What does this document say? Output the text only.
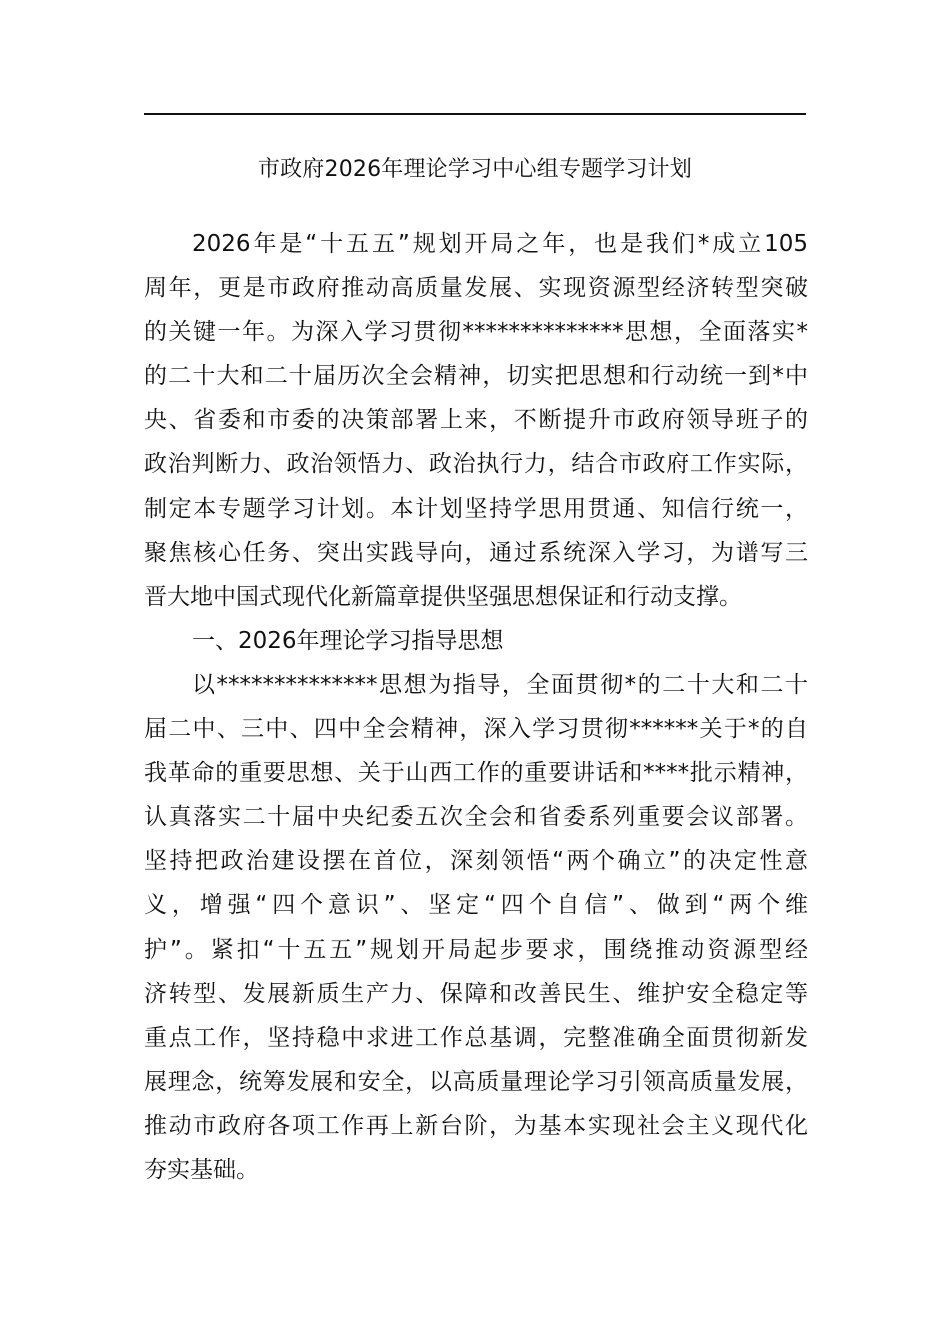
市政府2026年理论学习中心组专题学习计划
2026年是“十五五”规划开局之年，也是我们*成立105
周年，更是市政府推动高质量发展、实现资源型经济转型突破
的关键一年。为深入学习贯彻**************思想，全面落实*
的二十大和二十届历次全会精神，切实把思想和行动统一到*中
央、省委和市委的决策部署上来，不断提升市政府领导班子的
政治判断力、政治领悟力、政治执行力，结合市政府工作实际，
制定本专题学习计划。本计划坚持学思用贯通、知信行统一，
聚焦核心任务、突出实践导向，通过系统深入学习，为谱写三
晋大地中国式现代化新篇章提供坚强思想保证和行动支撑。
一、2026年理论学习指导思想
以**************思想为指导，全面贯彻*的二十大和二十
届二中、三中、四中全会精神，深入学习贯彻******关于*的自
我革命的重要思想、关于山西工作的重要讲话和****批示精神，
认真落实二十届中央纪委五次全会和省委系列重要会议部署。
坚持把政治建设摆在首位，深刻领悟“两个确立”的决定性意
义，增强“四个意识”、坚定“四个自信”、做到“两个维
护”。紧扣“十五五”规划开局起步要求，围绕推动资源型经
济转型、发展新质生产力、保障和改善民生、维护安全稳定等
重点工作，坚持稳中求进工作总基调，完整准确全面贯彻新发
展理念，统筹发展和安全，以高质量理论学习引领高质量发展，
推动市政府各项工作再上新台阶，为基本实现社会主义现代化
夯实基础。
